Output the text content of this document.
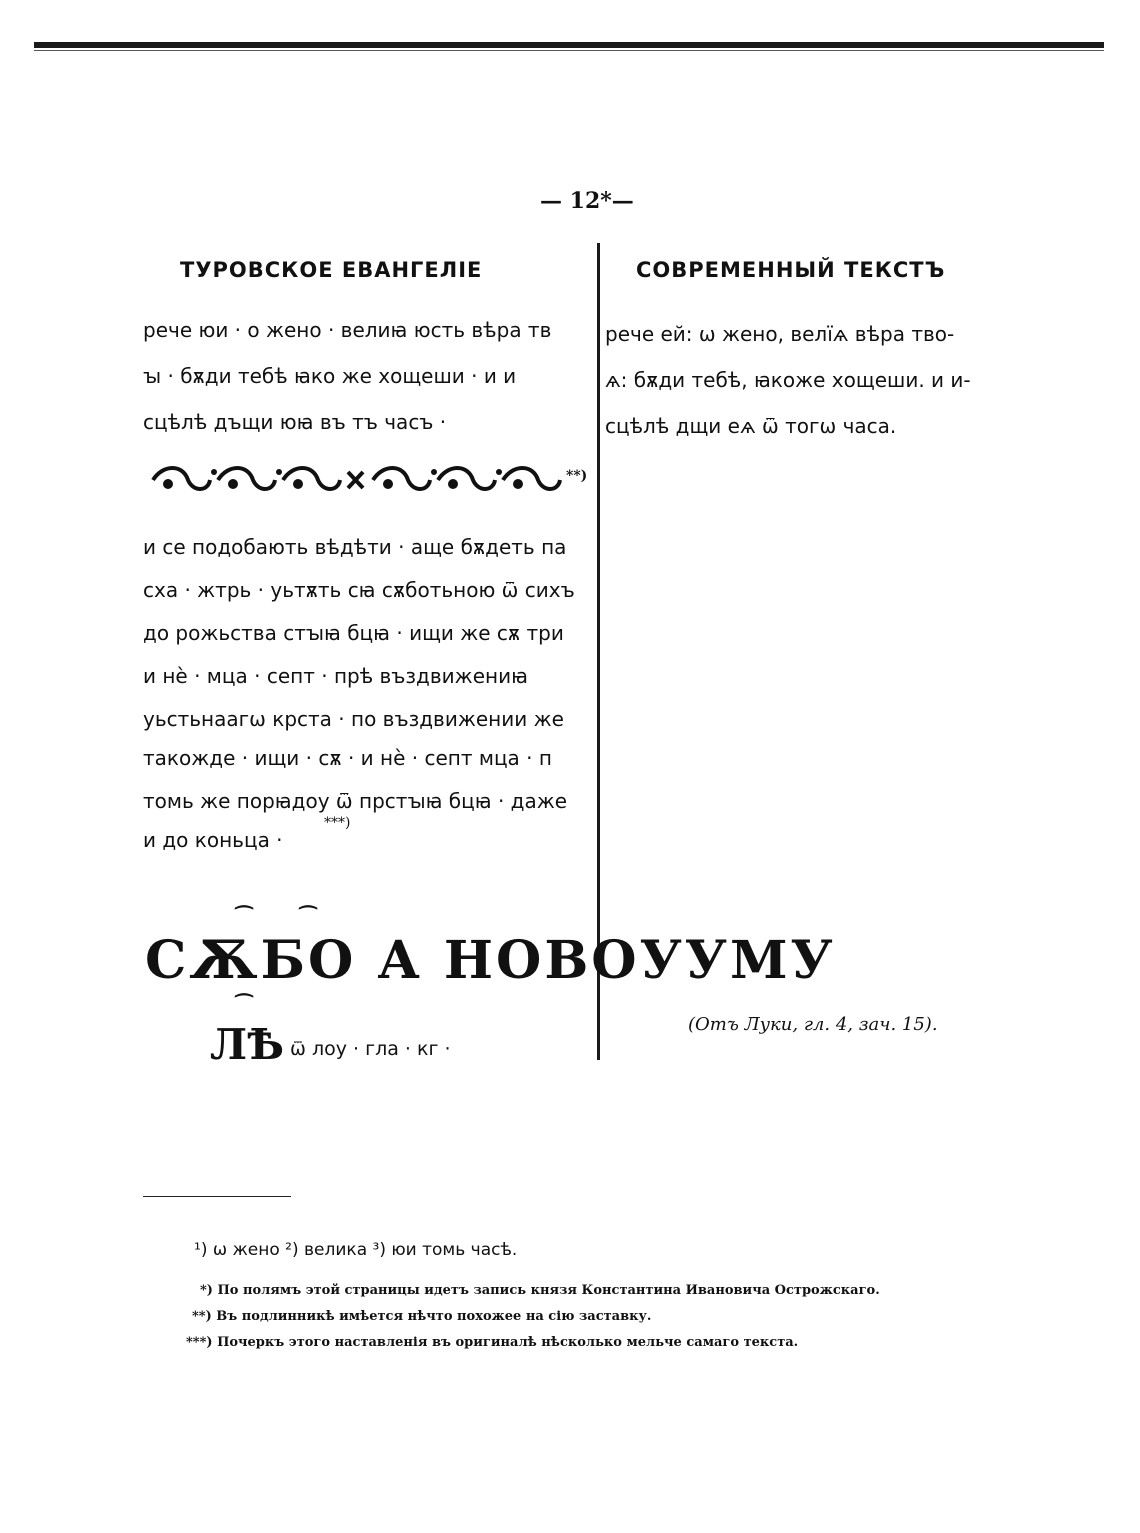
— 12*—
ТУРОВСКОЕ ЕВАНГЕЛІЕ	СОВРЕМЕННЫЙ ТЕКСТЪ
рече юи · о жено · велиꙗ юсть вѣра тв
ꙑ · бѫди тебѣ ꙗко же хощеши · и и
сцѣлѣ дъщи юꙗ въ тъ часъ ·
**)
и се подобають вѣдѣти · аще бѫдеть па
сха · жтрь · уьтѫть сꙗ сѫботьною ѿ сихъ
до рожьства стꙑꙗ бцꙗ · ищи же сѫ три
и нѐ · мца · септ · прѣ въздвижениꙗ
уьстьнаагѡ крста · по въздвижении же
такожде · ищи · сѫ · и нѐ · септ мца · п
томь же порꙗдоу ѿ прстꙑꙗ бцꙗ · даже
и до коньца ·
***)
⁀ ⁀
СѪБО А НОВОУУМУ
⁀
ЛѢ ѿ лоу · гла · кг ·
рече ей: ѡ жено, велїѧ вѣра тво-
ѧ: бѫди тебѣ, ꙗкоже хощеши. и и-
сцѣлѣ дщи еѧ ѿ тогѡ часа.
(Отъ Луки, гл. 4, зач. 15).
¹) ѡ жено ²) велика ³) юи томь часѣ.
*) По полямъ этой страницы идетъ запись князя Константина Ивановича Острожскаго.
**) Въ подлинникѣ имѣется нѣчто похожее на сію заставку.
***) Почеркъ этого наставленія въ оригиналѣ нѣсколько мельче самаго текста.
